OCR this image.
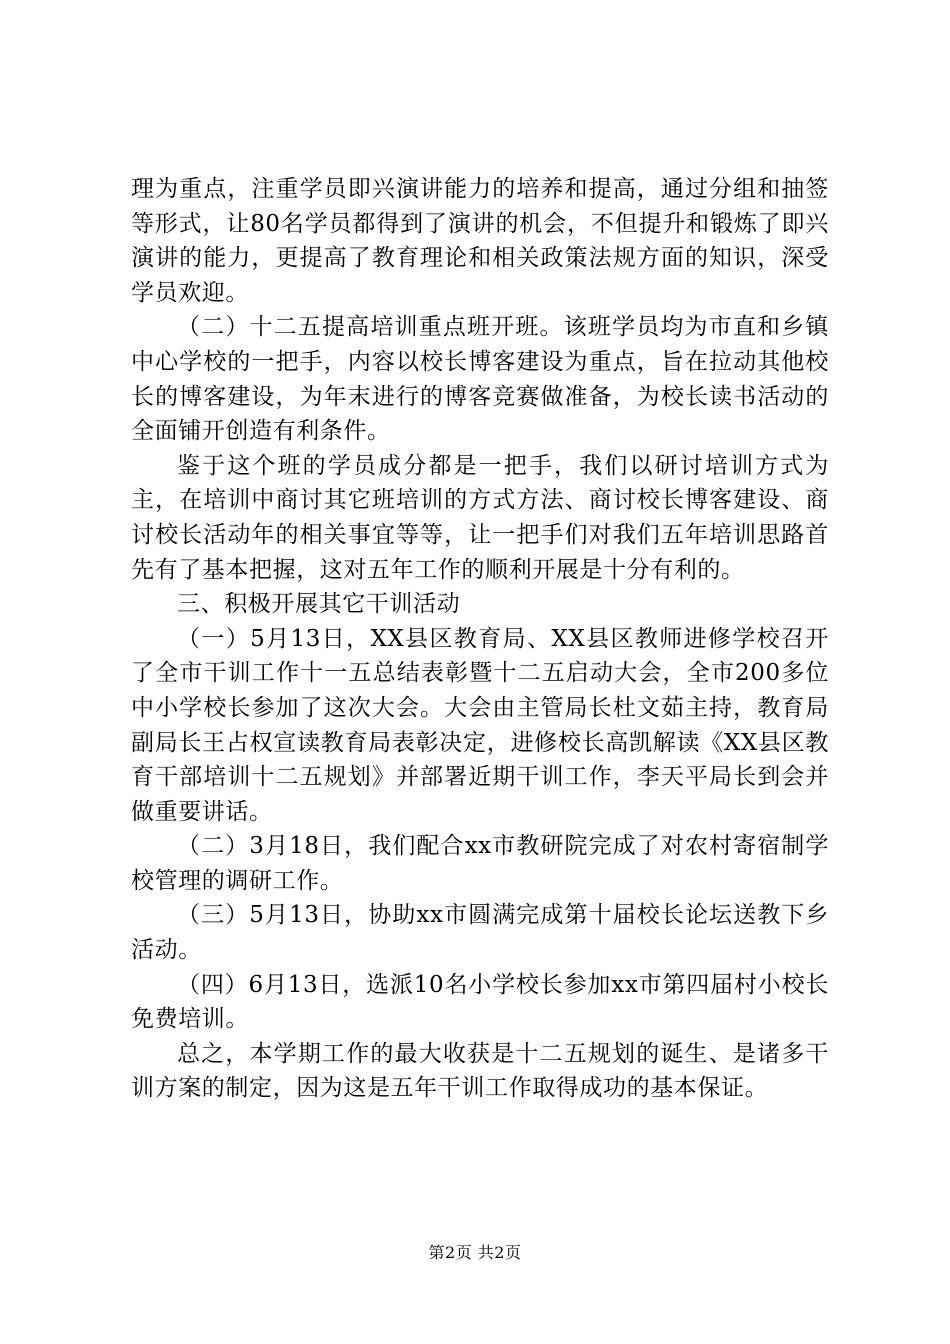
理为重点，注重学员即兴演讲能力的培养和提高，通过分组和抽签等形式，让80名学员都得到了演讲的机会，不但提升和锻炼了即兴演讲的能力，更提高了教育理论和相关政策法规方面的知识，深受学员欢迎。

（二）十二五提高培训重点班开班。该班学员均为市直和乡镇中心学校的一把手，内容以校长博客建设为重点，旨在拉动其他校长的博客建设，为年末进行的博客竞赛做准备，为校长读书活动的全面铺开创造有利条件。

鉴于这个班的学员成分都是一把手，我们以研讨培训方式为主，在培训中商讨其它班培训的方式方法、商讨校长博客建设、商讨校长活动年的相关事宜等等，让一把手们对我们五年培训思路首先有了基本把握，这对五年工作的顺利开展是十分有利的。

三、积极开展其它干训活动

（一）5月13日，XX县区教育局、XX县区教师进修学校召开了全市干训工作十一五总结表彰暨十二五启动大会，全市200多位中小学校长参加了这次大会。大会由主管局长杜文茹主持，教育局副局长王占权宣读教育局表彰决定，进修校长高凯解读《XX县区教育干部培训十二五规划》并部署近期干训工作，李天平局长到会并做重要讲话。

（二）3月18日，我们配合xx市教研院完成了对农村寄宿制学校管理的调研工作。

（三）5月13日，协助xx市圆满完成第十届校长论坛送教下乡活动。

（四）6月13日，选派10名小学校长参加xx市第四届村小校长免费培训。

总之，本学期工作的最大收获是十二五规划的诞生、是诸多干训方案的制定，因为这是五年干训工作取得成功的基本保证。

第2页 共2页
